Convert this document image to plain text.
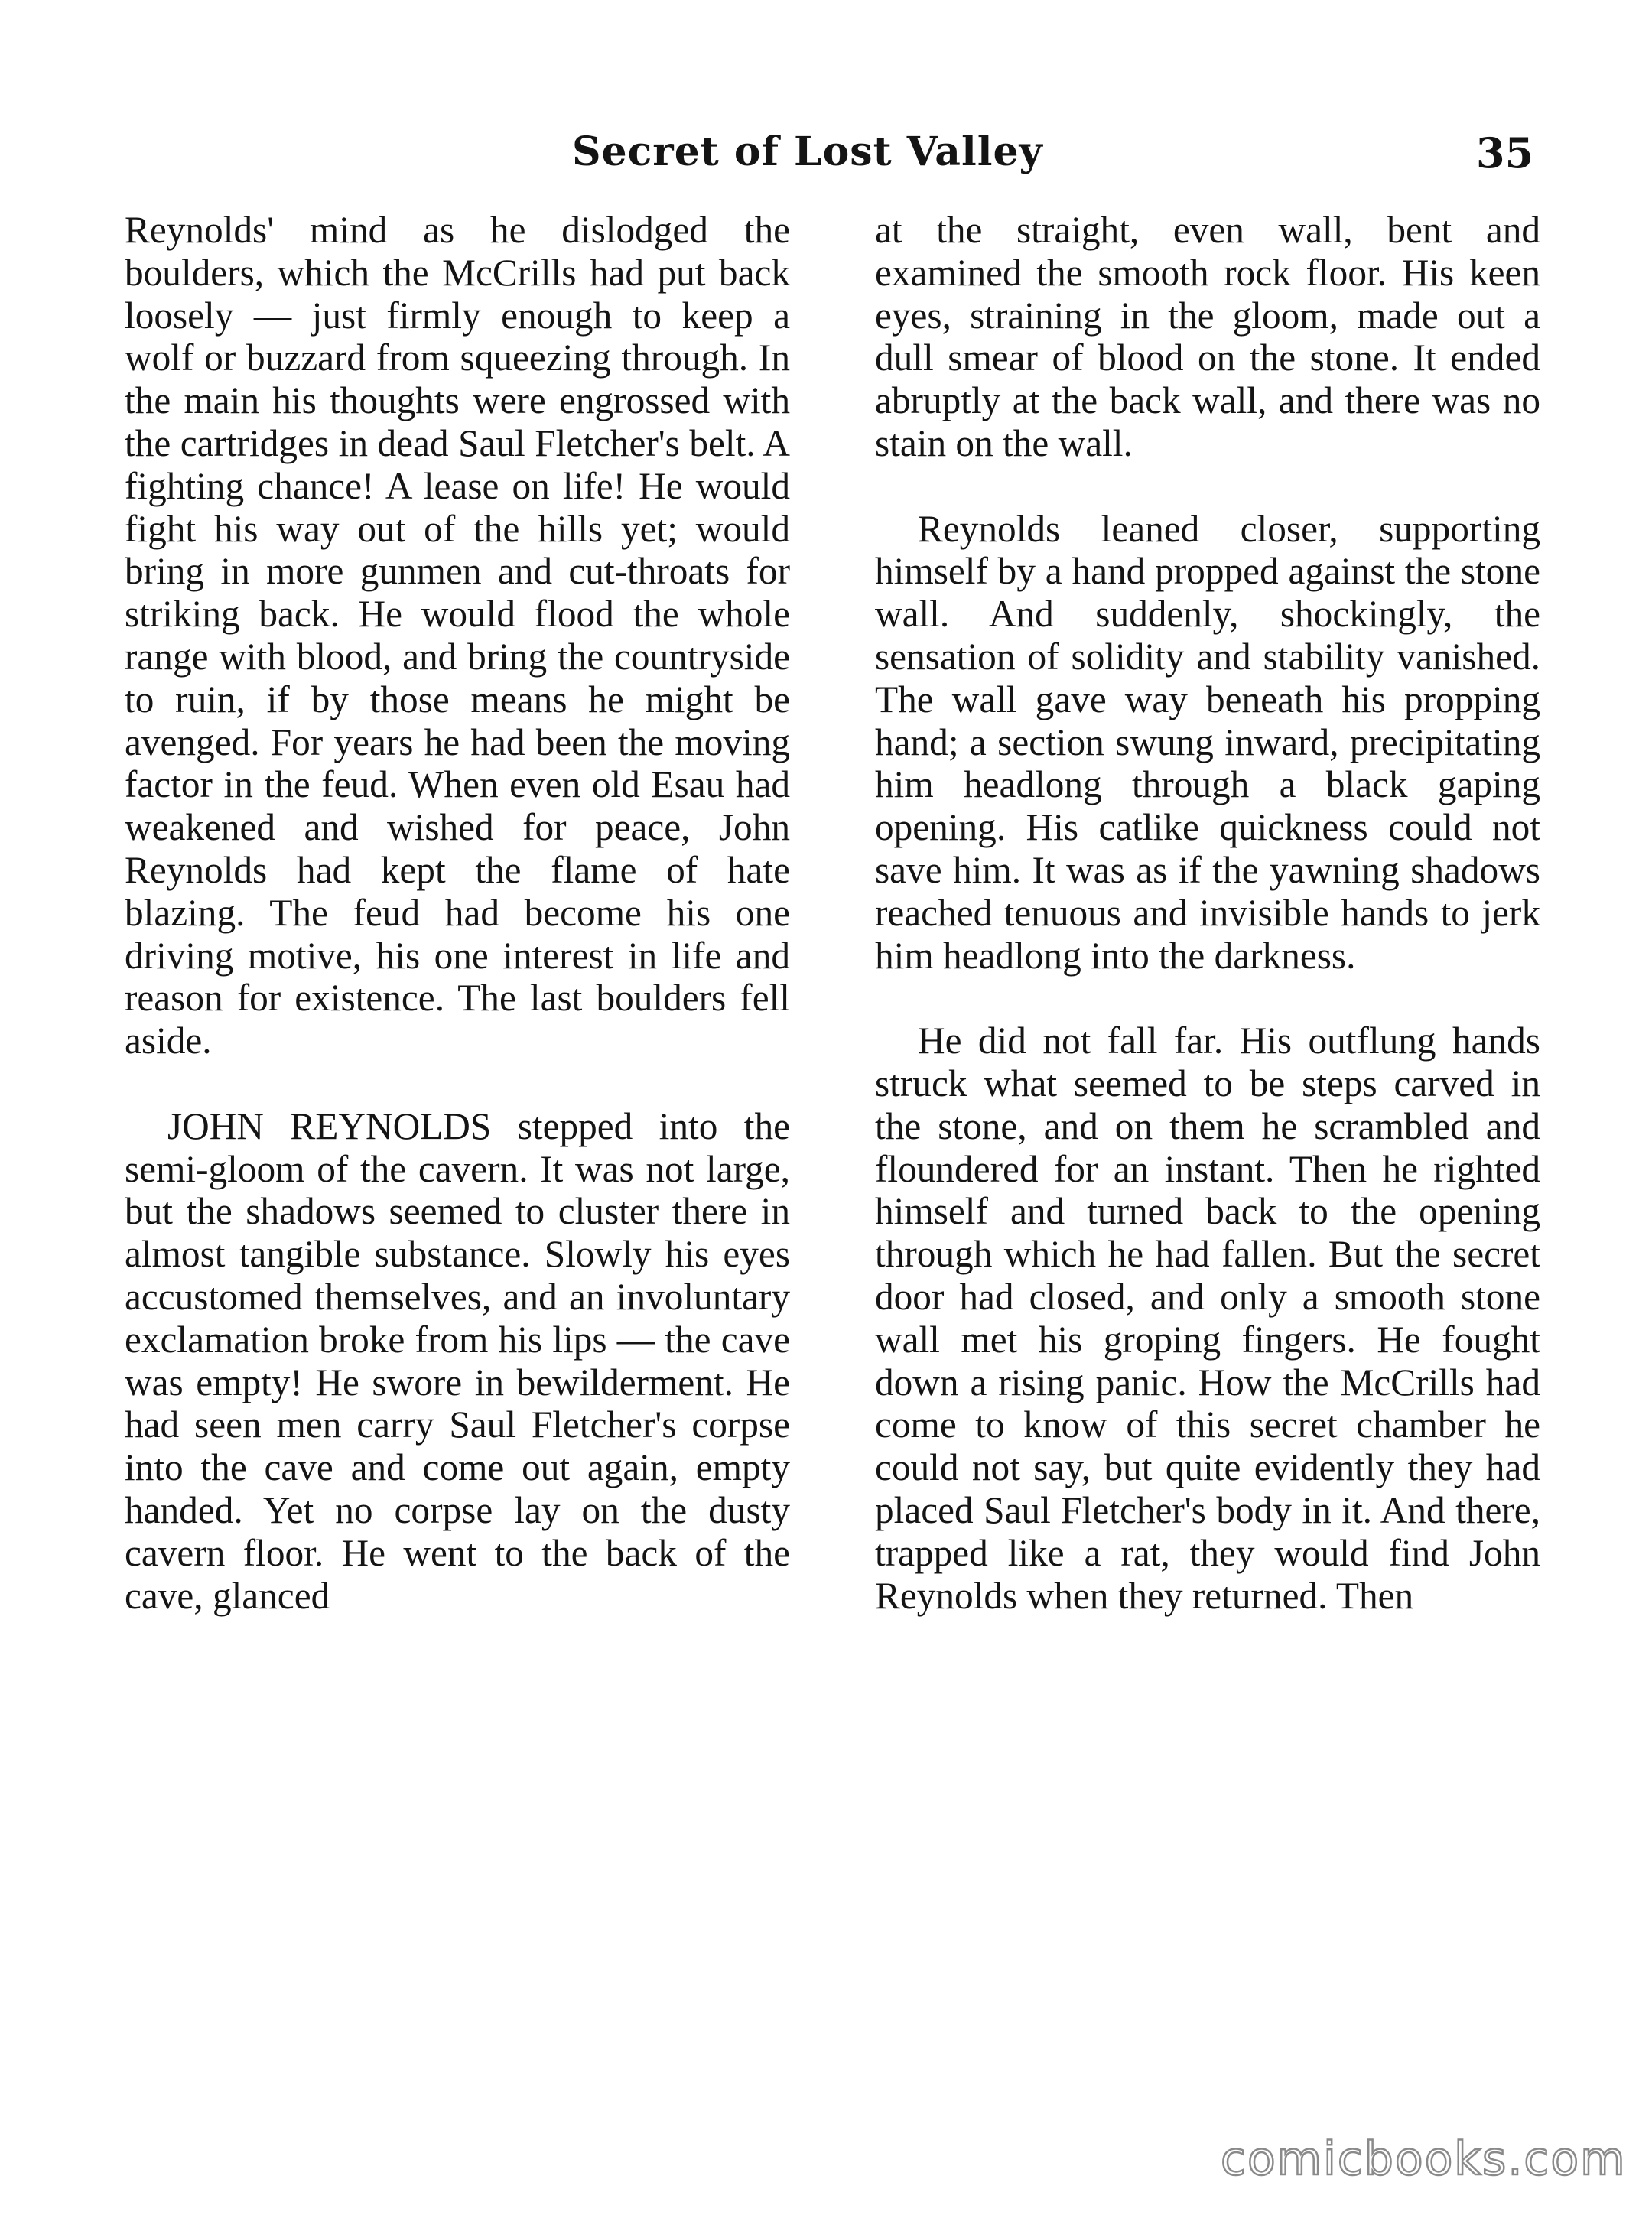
Secret of Lost Valley	35

Reynolds' mind as he dislodged the boulders, which the McCrills had put back loosely — just firmly enough to keep a wolf or buzzard from squeezing through. In the main his thoughts were engrossed with the cartridges in dead Saul Fletcher's belt. A fighting chance! A lease on life! He would fight his way out of the hills yet; would bring in more gunmen and cut-throats for striking back. He would flood the whole range with blood, and bring the countryside to ruin, if by those means he might be avenged. For years he had been the moving factor in the feud. When even old Esau had weakened and wished for peace, John Reynolds had kept the flame of hate blazing. The feud had become his one driving motive, his one interest in life and reason for existence. The last boulders fell aside.

JOHN REYNOLDS stepped into the semi-gloom of the cavern. It was not large, but the shadows seemed to cluster there in almost tangible substance. Slowly his eyes accustomed themselves, and an involuntary exclamation broke from his lips — the cave was empty! He swore in bewilderment. He had seen men carry Saul Fletcher's corpse into the cave and come out again, empty handed. Yet no corpse lay on the dusty cavern floor. He went to the back of the cave, glanced

at the straight, even wall, bent and examined the smooth rock floor. His keen eyes, straining in the gloom, made out a dull smear of blood on the stone. It ended abruptly at the back wall, and there was no stain on the wall.

Reynolds leaned closer, supporting himself by a hand propped against the stone wall. And suddenly, shockingly, the sensation of solidity and stability vanished. The wall gave way beneath his propping hand; a section swung inward, precipitating him headlong through a black gaping opening. His catlike quickness could not save him. It was as if the yawning shadows reached tenuous and invisible hands to jerk him headlong into the darkness.

He did not fall far. His outflung hands struck what seemed to be steps carved in the stone, and on them he scrambled and floundered for an instant. Then he righted himself and turned back to the opening through which he had fallen. But the secret door had closed, and only a smooth stone wall met his groping fingers. He fought down a rising panic. How the McCrills had come to know of this secret chamber he could not say, but quite evidently they had placed Saul Fletcher's body in it. And there, trapped like a rat, they would find John Reynolds when they returned. Then

comicbooks.com
